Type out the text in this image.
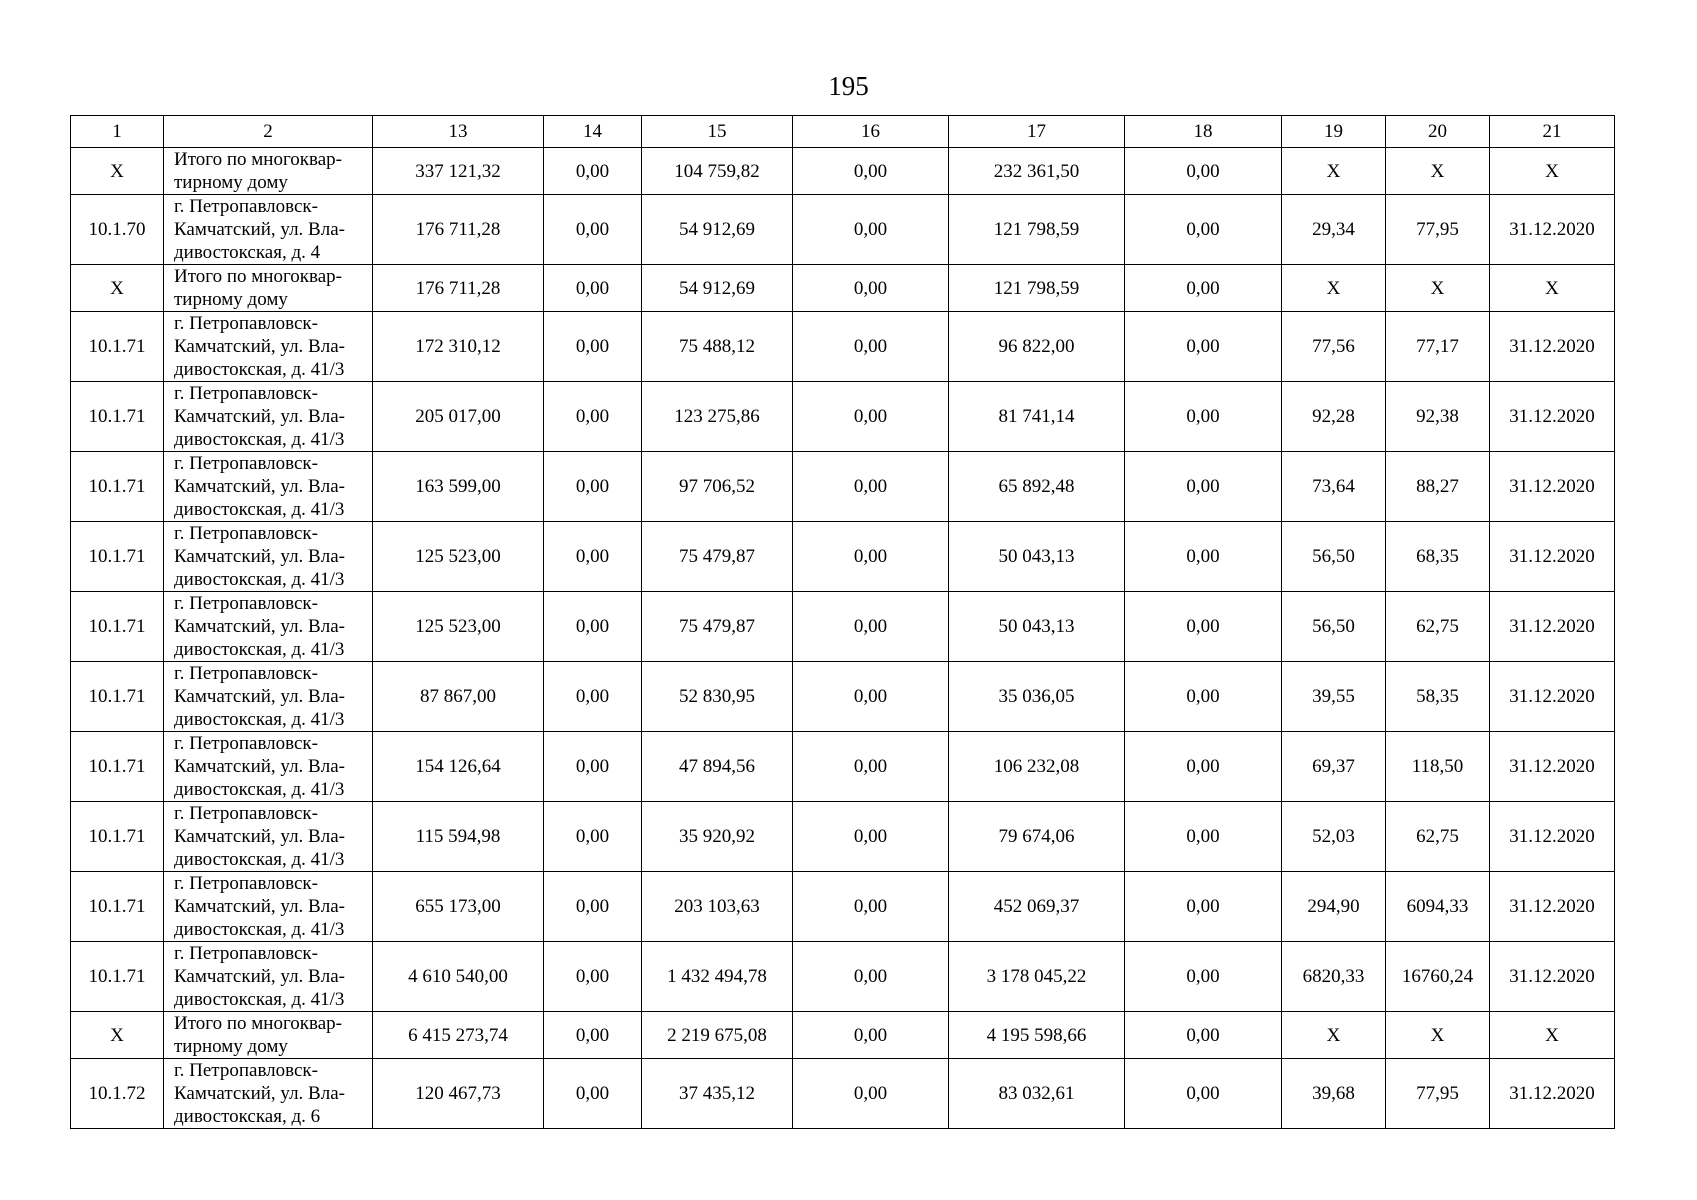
195
1	2	13	14	15	16	17	18	19	20	21
X	Итого по многоквар-
тирному дому	337 121,32	0,00	104 759,82	0,00	232 361,50	0,00	X	X	X
10.1.70	г. Петропавловск-
Камчатский, ул. Вла-
дивостокская, д. 4	176 711,28	0,00	54 912,69	0,00	121 798,59	0,00	29,34	77,95	31.12.2020
X	Итого по многоквар-
тирному дому	176 711,28	0,00	54 912,69	0,00	121 798,59	0,00	X	X	X
10.1.71	г. Петропавловск-
Камчатский, ул. Вла-
дивостокская, д. 41/3	172 310,12	0,00	75 488,12	0,00	96 822,00	0,00	77,56	77,17	31.12.2020
10.1.71	г. Петропавловск-
Камчатский, ул. Вла-
дивостокская, д. 41/3	205 017,00	0,00	123 275,86	0,00	81 741,14	0,00	92,28	92,38	31.12.2020
10.1.71	г. Петропавловск-
Камчатский, ул. Вла-
дивостокская, д. 41/3	163 599,00	0,00	97 706,52	0,00	65 892,48	0,00	73,64	88,27	31.12.2020
10.1.71	г. Петропавловск-
Камчатский, ул. Вла-
дивостокская, д. 41/3	125 523,00	0,00	75 479,87	0,00	50 043,13	0,00	56,50	68,35	31.12.2020
10.1.71	г. Петропавловск-
Камчатский, ул. Вла-
дивостокская, д. 41/3	125 523,00	0,00	75 479,87	0,00	50 043,13	0,00	56,50	62,75	31.12.2020
10.1.71	г. Петропавловск-
Камчатский, ул. Вла-
дивостокская, д. 41/3	87 867,00	0,00	52 830,95	0,00	35 036,05	0,00	39,55	58,35	31.12.2020
10.1.71	г. Петропавловск-
Камчатский, ул. Вла-
дивостокская, д. 41/3	154 126,64	0,00	47 894,56	0,00	106 232,08	0,00	69,37	118,50	31.12.2020
10.1.71	г. Петропавловск-
Камчатский, ул. Вла-
дивостокская, д. 41/3	115 594,98	0,00	35 920,92	0,00	79 674,06	0,00	52,03	62,75	31.12.2020
10.1.71	г. Петропавловск-
Камчатский, ул. Вла-
дивостокская, д. 41/3	655 173,00	0,00	203 103,63	0,00	452 069,37	0,00	294,90	6094,33	31.12.2020
10.1.71	г. Петропавловск-
Камчатский, ул. Вла-
дивостокская, д. 41/3	4 610 540,00	0,00	1 432 494,78	0,00	3 178 045,22	0,00	6820,33	16760,24	31.12.2020
X	Итого по многоквар-
тирному дому	6 415 273,74	0,00	2 219 675,08	0,00	4 195 598,66	0,00	X	X	X
10.1.72	г. Петропавловск-
Камчатский, ул. Вла-
дивостокская, д. 6	120 467,73	0,00	37 435,12	0,00	83 032,61	0,00	39,68	77,95	31.12.2020
